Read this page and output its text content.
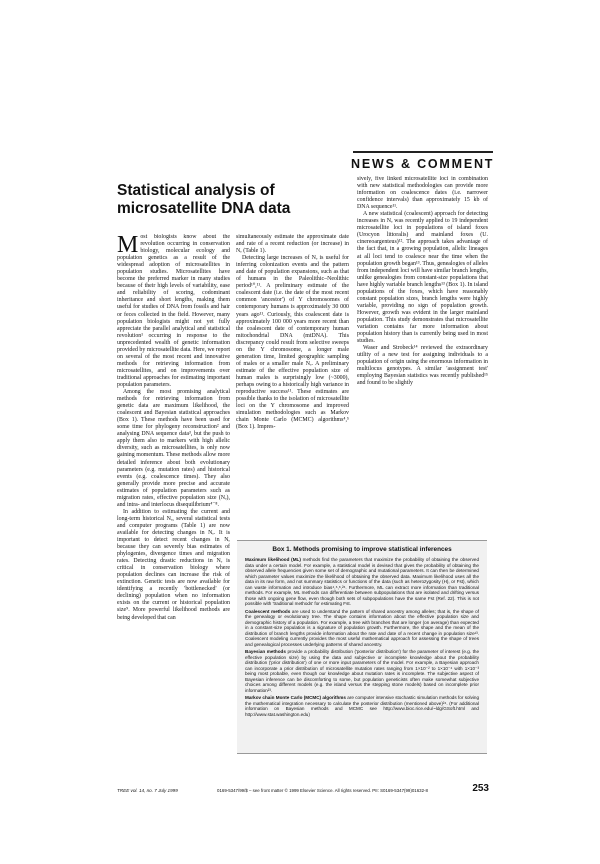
NEWS & COMMENT
Statistical analysis of microsatellite DNA data

Most biologists know about the revolution occurring in conservation biology, molecular ecology and population genetics as a result of the widespread adoption of microsatellites in population studies. Microsatellites have become the preferred marker in many studies because of their high levels of variability, ease and reliability of scoring, codominant inheritance and short lengths, making them useful for studies of DNA from fossils and hair or feces collected in the field. However, many population biologists might not yet fully appreciate the parallel analytical and statistical revolution¹ occurring in response to the unprecedented wealth of genetic information provided by microsatellite data. Here, we report on several of the most recent and innovative methods for retrieving information from microsatellites, and on improvements over traditional approaches for estimating important population parameters.

Among the most promising analytical methods for retrieving information from genetic data are maximum likelihood, the coalescent and Bayesian statistical approaches (Box 1). These methods have been used for some time for phylogeny reconstruction² and analysing DNA sequence data³, but the push to apply them also to markers with high allelic diversity, such as microsatellites, is only now gaining momentum. These methods allow more detailed inference about both evolutionary parameters (e.g. mutation rates) and historical events (e.g. coalescence times). They also generally provide more precise and accurate estimates of population parameters such as migration rates, effective population size (Nₑ), and intra- and interlocus disequilibrium⁴⁻⁸.

In addition to estimating the current and long-term historical Nₑ, several statistical tests and computer programs (Table 1) are now available for detecting changes in Nₑ. It is important to detect recent changes in Nₑ because they can severely bias estimates of phylogenies, divergence times and migration rates. Detecting drastic reductions in Nₑ is critical in conservation biology where population declines can increase the risk of extinction. Genetic tests are now available for identifying a recently 'bottlenecked' (or declining) population when no information exists on the current or historical population size⁹. More powerful likelihood methods are being developed that can

simultaneously estimate the approximate date and rate of a recent reduction (or increase) in Nₑ (Table 1).

Detecting large increases of Nₑ is useful for inferring colonization events and the pattern and date of population expansions, such as that of humans in the Paleolithic–Neolithic period¹⁰,¹¹. A preliminary estimate of the coalescent date (i.e. the date of the most recent common 'ancestor') of Y chromosomes of contemporary humans is approximately 30 000 years ago¹¹. Curiously, this coalescent date is approximately 100 000 years more recent than the coalescent date of contemporary human mitochondrial DNA (mtDNA). This discrepancy could result from selective sweeps on the Y chromosome, a longer male generation time, limited geographic sampling of males or a smaller male Nₑ. A preliminary estimate of the effective population size of human males is surprisingly low (~3000), perhaps owing to a historically high variance in reproductive success¹¹. These estimates are possible thanks to the isolation of microsatellite loci on the Y chromosome and improved simulation methodologies such as Markov chain Monte Carlo (MCMC) algorithms⁴,⁵ (Box 1). Impres-

sively, five linked microsatellite loci in combination with new statistical methodologies can provide more information on coalescence dates (i.e. narrower confidence intervals) than approximately 15 kb of DNA sequence¹¹.

A new statistical (coalescent) approach for detecting increases in Nₑ was recently applied to 19 independent microsatellite loci in populations of island foxes (Urocyon littoralis) and mainland foxes (U. cinereoargenteus)¹². The approach takes advantage of the fact that, in a growing population, allelic lineages at all loci tend to coalesce near the time when the population growth began¹³. Thus, genealogies of alleles from independent loci will have similar branch lengths, unlike genealogies from constant-size populations that have highly variable branch lengths¹³ (Box 1). In island populations of the foxes, which have reasonably constant population sizes, branch lengths were highly variable, providing no sign of population growth. However, growth was evident in the larger mainland population. This study demonstrates that microsatellite variation contains far more information about population history than is currently being used in most studies.

Waser and Strobeck¹⁴ reviewed the extraordinary utility of a new test for assigning individuals to a population of origin using the enormous information in multilocus genotypes. A similar 'assignment test' employing Bayesian statistics was recently published¹⁵ and found to be slightly

Box 1. Methods promising to improve statistical inferences

Maximum likelihood (ML) methods find the parameters that maximize the probability of obtaining the observed data under a certain model. For example, a statistical model is devised that gives the probability of obtaining the observed allele frequencies given some set of demographic and mutational parameters. It can then be determined which parameter values maximize the likelihood of obtaining the observed data. Maximum likelihood uses all the data in its raw form, and not summary statistics or functions of the data (such as heterozygosity (H), or Fst), which can waste information and introduce bias⁴,⁶,⁸,²⁶. Furthermore, ML can extract more information than traditional methods. For example, ML methods can differentiate between subpopulations that are isolated and drifting versus those with ongoing gene flow, even though both sets of subpopulations have the same Fst (Ref. 22). This is not possible with 'traditional methods' for estimating Fst.

Coalescent methods are used to understand the pattern of shared ancestry among alleles; that is, the shape of the genealogy or evolutionary tree. The shape contains information about the effective population size and demographic history of a population. For example, a tree with branches that are longer (on average) than expected in a constant-size population is a signature of population growth. Furthermore, the shape and the mean of the distribution of branch lengths provide information about the rate and date of a recent change in population size¹³. Coalescent modeling currently provides the most useful mathematical approach for assessing the shape of trees and genealogical processes underlying patterns of shared ancestry.

Bayesian methods provide a probability distribution ('posterior distribution') for the parameter of interest (e.g. the effective population size) by using the data and subjective or incomplete knowledge about the probability distribution ('prior distribution') of one or more input parameters of the model. For example, a Bayesian approach can incorporate a prior distribution of microsatellite mutation rates ranging from 1×10⁻² to 1×10⁻⁴ with 1×10⁻³ being most probable, even though our knowledge about mutation rates is incomplete. The subjective aspect of Bayesian inference can be discomforting to some, but population geneticists often make somewhat subjective choices among different models (e.g. the island versus the stepping stone models) based on incomplete prior information²³.

Markov chain Monte Carlo (MCMC) algorithms are computer intensive stochastic simulation methods for solving the mathematical integration necessary to calculate the posterior distribution (mentioned above)²⁴. (For additional information on Bayesian methods and MCMC see http://www.bioc.rice.edu/~ldg/GSoft.html and http://www.stat.washington.edu)

TREE vol. 14, no. 7 July 1999	0169-5347/99/$ – see front matter © 1999 Elsevier Science. All rights reserved. PII: S0169-5347(99)01632-8	253
